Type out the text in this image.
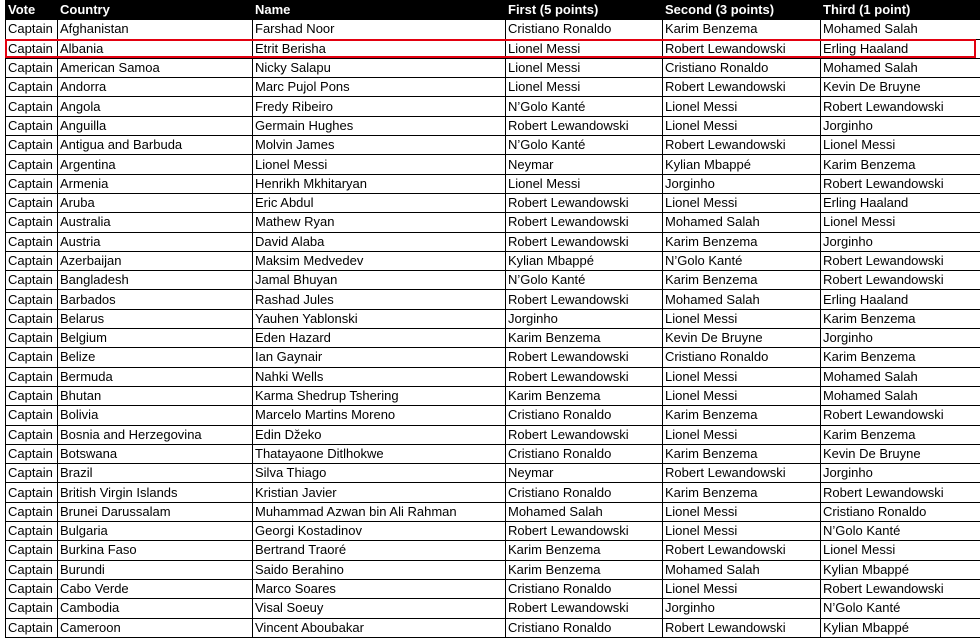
Vote	Country	Name	First (5 points)	Second (3 points)	Third (1 point)
Captain	Afghanistan	Farshad Noor	Cristiano Ronaldo	Karim Benzema	Mohamed Salah
Captain	Albania	Etrit Berisha	Lionel Messi	Robert Lewandowski	Erling Haaland
Captain	American Samoa	Nicky Salapu	Lionel Messi	Cristiano Ronaldo	Mohamed Salah
Captain	Andorra	Marc Pujol Pons	Lionel Messi	Robert Lewandowski	Kevin De Bruyne
Captain	Angola	Fredy Ribeiro	N’Golo Kanté	Lionel Messi	Robert Lewandowski
Captain	Anguilla	Germain Hughes	Robert Lewandowski	Lionel Messi	Jorginho
Captain	Antigua and Barbuda	Molvin James	N’Golo Kanté	Robert Lewandowski	Lionel Messi
Captain	Argentina	Lionel Messi	Neymar	Kylian Mbappé	Karim Benzema
Captain	Armenia	Henrikh Mkhitaryan	Lionel Messi	Jorginho	Robert Lewandowski
Captain	Aruba	Eric Abdul	Robert Lewandowski	Lionel Messi	Erling Haaland
Captain	Australia	Mathew Ryan	Robert Lewandowski	Mohamed Salah	Lionel Messi
Captain	Austria	David Alaba	Robert Lewandowski	Karim Benzema	Jorginho
Captain	Azerbaijan	Maksim Medvedev	Kylian Mbappé	N’Golo Kanté	Robert Lewandowski
Captain	Bangladesh	Jamal Bhuyan	N’Golo Kanté	Karim Benzema	Robert Lewandowski
Captain	Barbados	Rashad Jules	Robert Lewandowski	Mohamed Salah	Erling Haaland
Captain	Belarus	Yauhen Yablonski	Jorginho	Lionel Messi	Karim Benzema
Captain	Belgium	Eden Hazard	Karim Benzema	Kevin De Bruyne	Jorginho
Captain	Belize	Ian Gaynair	Robert Lewandowski	Cristiano Ronaldo	Karim Benzema
Captain	Bermuda	Nahki Wells	Robert Lewandowski	Lionel Messi	Mohamed Salah
Captain	Bhutan	Karma Shedrup Tshering	Karim Benzema	Lionel Messi	Mohamed Salah
Captain	Bolivia	Marcelo Martins Moreno	Cristiano Ronaldo	Karim Benzema	Robert Lewandowski
Captain	Bosnia and Herzegovina	Edin Džeko	Robert Lewandowski	Lionel Messi	Karim Benzema
Captain	Botswana	Thatayaone Ditlhokwe	Cristiano Ronaldo	Karim Benzema	Kevin De Bruyne
Captain	Brazil	Silva Thiago	Neymar	Robert Lewandowski	Jorginho
Captain	British Virgin Islands	Kristian Javier	Cristiano Ronaldo	Karim Benzema	Robert Lewandowski
Captain	Brunei Darussalam	Muhammad Azwan bin Ali Rahman	Mohamed Salah	Lionel Messi	Cristiano Ronaldo
Captain	Bulgaria	Georgi Kostadinov	Robert Lewandowski	Lionel Messi	N’Golo Kanté
Captain	Burkina Faso	Bertrand Traoré	Karim Benzema	Robert Lewandowski	Lionel Messi
Captain	Burundi	Saido Berahino	Karim Benzema	Mohamed Salah	Kylian Mbappé
Captain	Cabo Verde	Marco Soares	Cristiano Ronaldo	Lionel Messi	Robert Lewandowski
Captain	Cambodia	Visal Soeuy	Robert Lewandowski	Jorginho	N’Golo Kanté
Captain	Cameroon	Vincent Aboubakar	Cristiano Ronaldo	Robert Lewandowski	Kylian Mbappé
